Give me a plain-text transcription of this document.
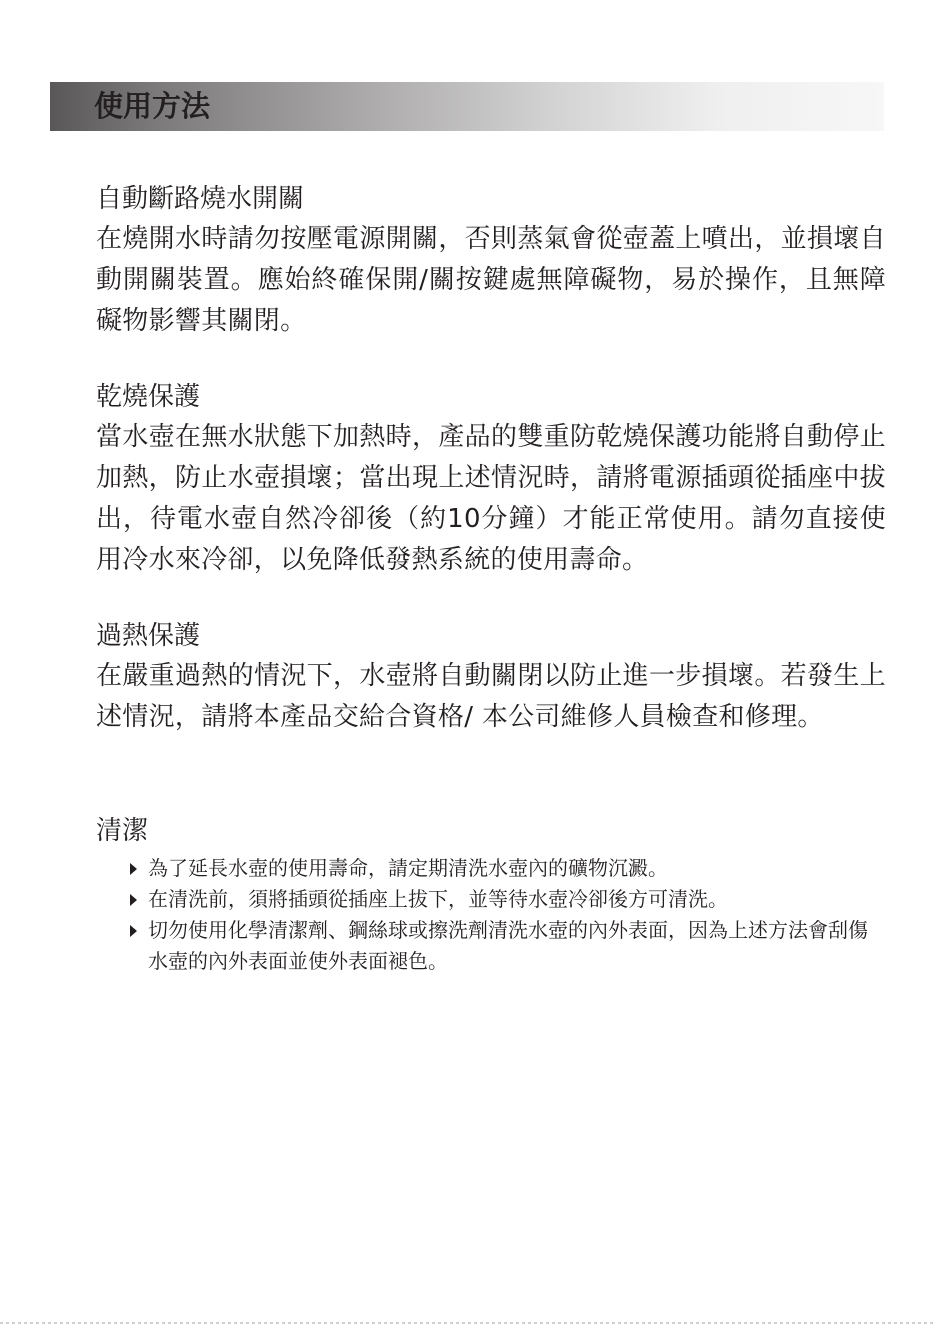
使用方法
自動斷路燒水開關

在燒開水時請勿按壓電源開關，否則蒸氣會從壺蓋上噴出，並損壞自動開關裝置。應始終確保開/關按鍵處無障礙物，易於操作，且無障礙物影響其關閉。

乾燒保護

當水壺在無水狀態下加熱時，產品的雙重防乾燒保護功能將自動停止加熱，防止水壺損壞；當出現上述情況時，請將電源插頭從插座中拔出，待電水壺自然冷卻後（約10分鐘）才能正常使用。請勿直接使用冷水來冷卻，以免降低發熱系統的使用壽命。

過熱保護

在嚴重過熱的情況下，水壺將自動關閉以防止進一步損壞。若發生上述情況，請將本產品交給合資格/ 本公司維修人員檢查和修理。

清潔
為了延長水壺的使用壽命，請定期清洗水壺內的礦物沉澱。
在清洗前，須將插頭從插座上拔下，並等待水壺冷卻後方可清洗。
切勿使用化學清潔劑、鋼絲球或擦洗劑清洗水壺的內外表面，因為上述方法會刮傷水壺的內外表面並使外表面褪色。
